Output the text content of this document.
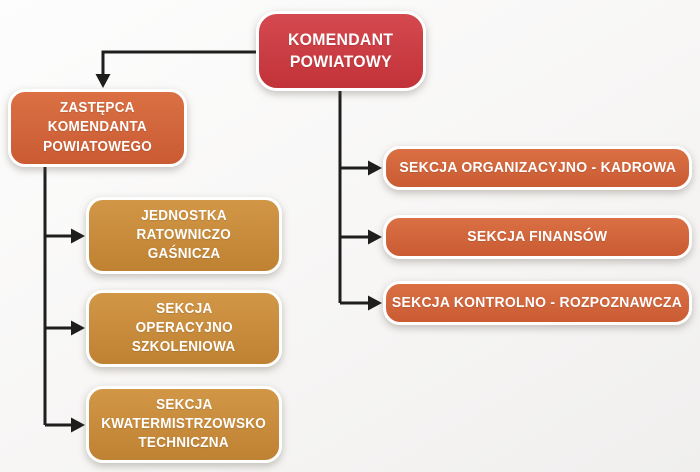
KOMENDANT
POWIATOWY
ZASTĘPCA
KOMENDANTA
POWIATOWEGO
JEDNOSTKA
RATOWNICZO
GAŚNICZA
SEKCJA
OPERACYJNO
SZKOLENIOWA
SEKCJA
KWATERMISTRZOWSKO
TECHNICZNA
SEKCJA ORGANIZACYJNO - KADROWA
SEKCJA FINANSÓW
SEKCJA KONTROLNO - ROZPOZNAWCZA
